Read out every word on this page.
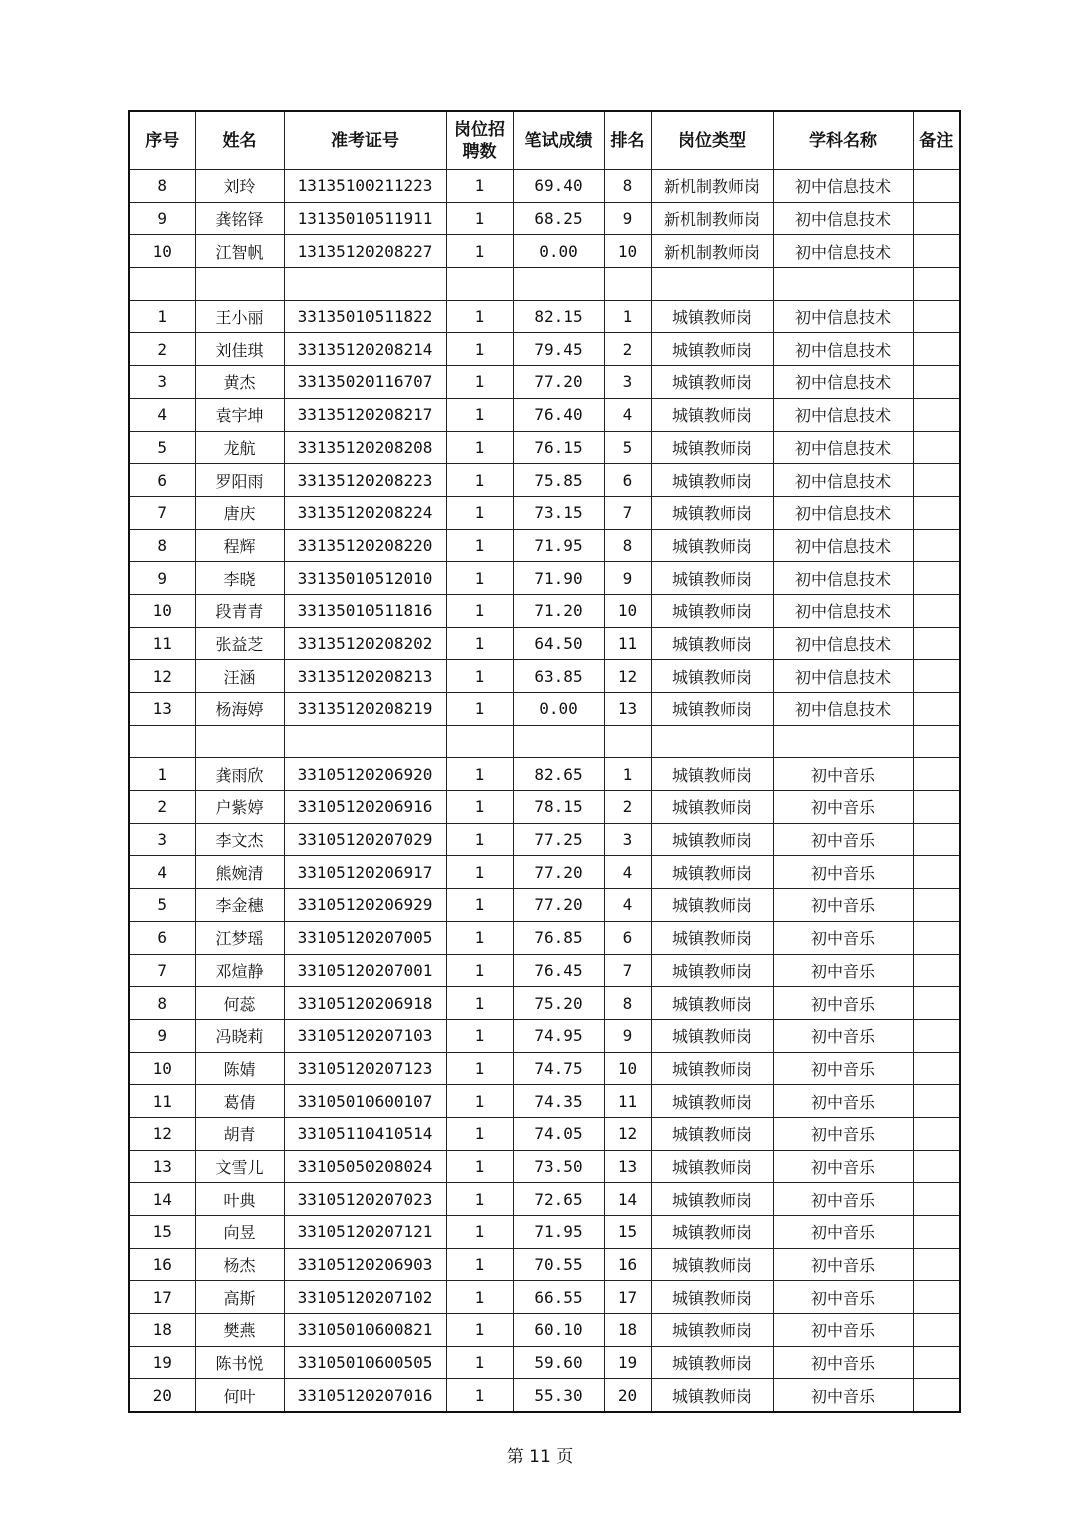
序号	姓名	准考证号	岗位招聘数	笔试成绩	排名	岗位类型	学科名称	备注
8	刘玲	13135100211223	1	69.40	8	新机制教师岗	初中信息技术	
9	龚铭铎	13135010511911	1	68.25	9	新机制教师岗	初中信息技术	
10	江智帆	13135120208227	1	0.00	10	新机制教师岗	初中信息技术	

1	王小丽	33135010511822	1	82.15	1	城镇教师岗	初中信息技术	
2	刘佳琪	33135120208214	1	79.45	2	城镇教师岗	初中信息技术	
3	黄杰	33135020116707	1	77.20	3	城镇教师岗	初中信息技术	
4	袁宇坤	33135120208217	1	76.40	4	城镇教师岗	初中信息技术	
5	龙航	33135120208208	1	76.15	5	城镇教师岗	初中信息技术	
6	罗阳雨	33135120208223	1	75.85	6	城镇教师岗	初中信息技术	
7	唐庆	33135120208224	1	73.15	7	城镇教师岗	初中信息技术	
8	程辉	33135120208220	1	71.95	8	城镇教师岗	初中信息技术	
9	李晓	33135010512010	1	71.90	9	城镇教师岗	初中信息技术	
10	段青青	33135010511816	1	71.20	10	城镇教师岗	初中信息技术	
11	张益芝	33135120208202	1	64.50	11	城镇教师岗	初中信息技术	
12	汪涵	33135120208213	1	63.85	12	城镇教师岗	初中信息技术	
13	杨海婷	33135120208219	1	0.00	13	城镇教师岗	初中信息技术	

1	龚雨欣	33105120206920	1	82.65	1	城镇教师岗	初中音乐	
2	户紫婷	33105120206916	1	78.15	2	城镇教师岗	初中音乐	
3	李文杰	33105120207029	1	77.25	3	城镇教师岗	初中音乐	
4	熊婉清	33105120206917	1	77.20	4	城镇教师岗	初中音乐	
5	李金穗	33105120206929	1	77.20	4	城镇教师岗	初中音乐	
6	江梦瑶	33105120207005	1	76.85	6	城镇教师岗	初中音乐	
7	邓煊静	33105120207001	1	76.45	7	城镇教师岗	初中音乐	
8	何蕊	33105120206918	1	75.20	8	城镇教师岗	初中音乐	
9	冯晓莉	33105120207103	1	74.95	9	城镇教师岗	初中音乐	
10	陈婧	33105120207123	1	74.75	10	城镇教师岗	初中音乐	
11	葛倩	33105010600107	1	74.35	11	城镇教师岗	初中音乐	
12	胡青	33105110410514	1	74.05	12	城镇教师岗	初中音乐	
13	文雪儿	33105050208024	1	73.50	13	城镇教师岗	初中音乐	
14	叶典	33105120207023	1	72.65	14	城镇教师岗	初中音乐	
15	向昱	33105120207121	1	71.95	15	城镇教师岗	初中音乐	
16	杨杰	33105120206903	1	70.55	16	城镇教师岗	初中音乐	
17	高斯	33105120207102	1	66.55	17	城镇教师岗	初中音乐	
18	樊燕	33105010600821	1	60.10	18	城镇教师岗	初中音乐	
19	陈书悦	33105010600505	1	59.60	19	城镇教师岗	初中音乐	
20	何叶	33105120207016	1	55.30	20	城镇教师岗	初中音乐	
第 11 页
